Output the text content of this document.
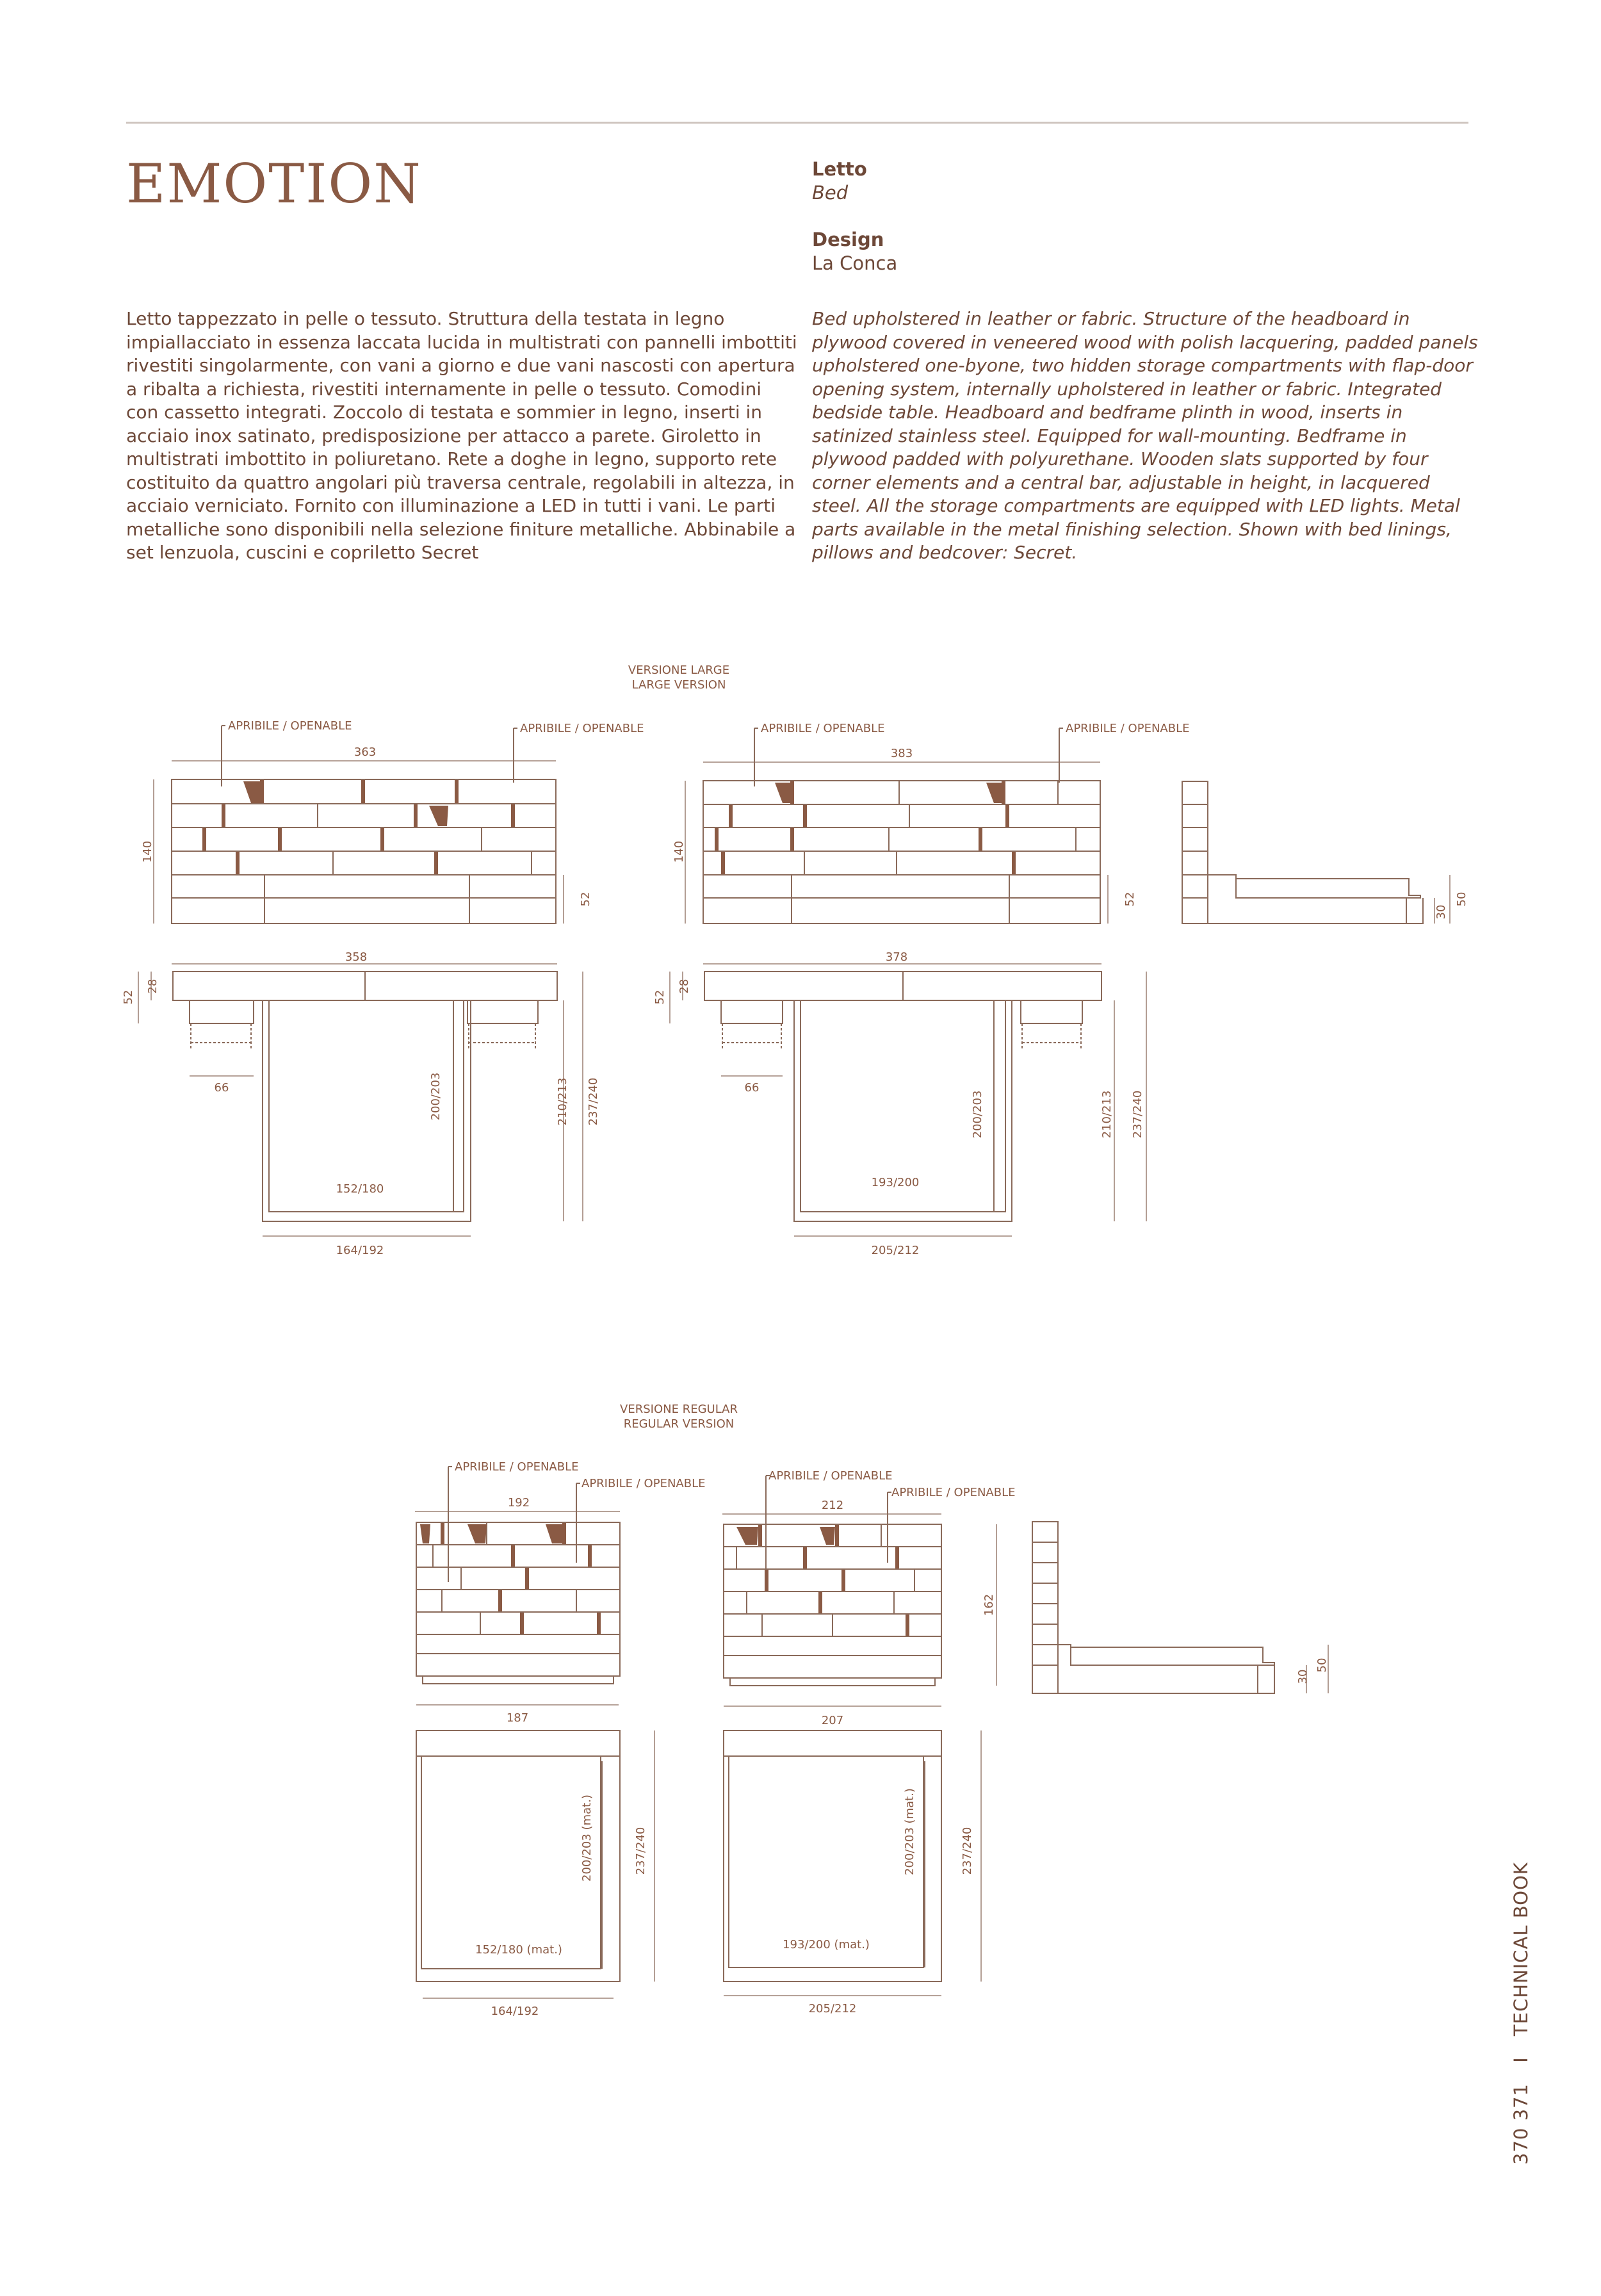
EMOTION	Letto
Bed
Design
La Conca

Letto tappezzato in pelle o tessuto. Struttura della testata in legno impiallacciato in essenza laccata lucida in multistrati con pannelli imbottiti rivestiti singolarmente, con vani a giorno e due vani nascosti con apertura a ribalta a richiesta, rivestiti internamente in pelle o tessuto. Comodini con cassetto integrati. Zoccolo di testata e sommier in legno, inserti in acciaio inox satinato, predisposizione per attacco a parete. Giroletto in multistrati imbottito in poliuretano. Rete a doghe in legno, supporto rete costituito da quattro angolari più traversa centrale, regolabili in altezza, in acciaio verniciato. Fornito con illuminazione a LED in tutti i vani. Le parti metalliche sono disponibili nella selezione finiture metalliche. Abbinabile a set lenzuola, cuscini e copriletto Secret

Bed upholstered in leather or fabric. Structure of the headboard in plywood covered in veneered wood with polish lacquering, padded panels upholstered one-byone, two hidden storage compartments with flap-door opening system, internally upholstered in leather or fabric. Integrated bedside table. Headboard and bedframe plinth in wood, inserts in satinized stainless steel. Equipped for wall-mounting. Bedframe in plywood padded with polyurethane. Wooden slats supported by four corner elements and a central bar, adjustable in height, in lacquered steel. All the storage compartments are equipped with LED lights. Metal parts available in the metal finishing selection. Shown with bed linings, pillows and bedcover: Secret.

370 371 I TECHNICAL BOOK
VERSIONE LARGE
LARGE VERSION
APRIBILE / OPENABLE	APRIBILE / OPENABLE
363
140
52
358
28
52
66	200/203	210/213 237/240
152/180
164/192
APRIBILE / OPENABLE	APRIBILE / OPENABLE
383
140
52
378
28
52
66
200/203	210/213 237/240
193/200
205/212
30
50
VERSIONE REGULAR
REGULAR VERSION
APRIBILE / OPENABLE
APRIBILE / OPENABLE
192
187
200/203 (mat.)	237/240
152/180 (mat.)
164/192
APRIBILE / OPENABLE
APRIBILE / OPENABLE
212
207
162
200/203 (mat.)	237/240
193/200 (mat.)
205/212
30
50
